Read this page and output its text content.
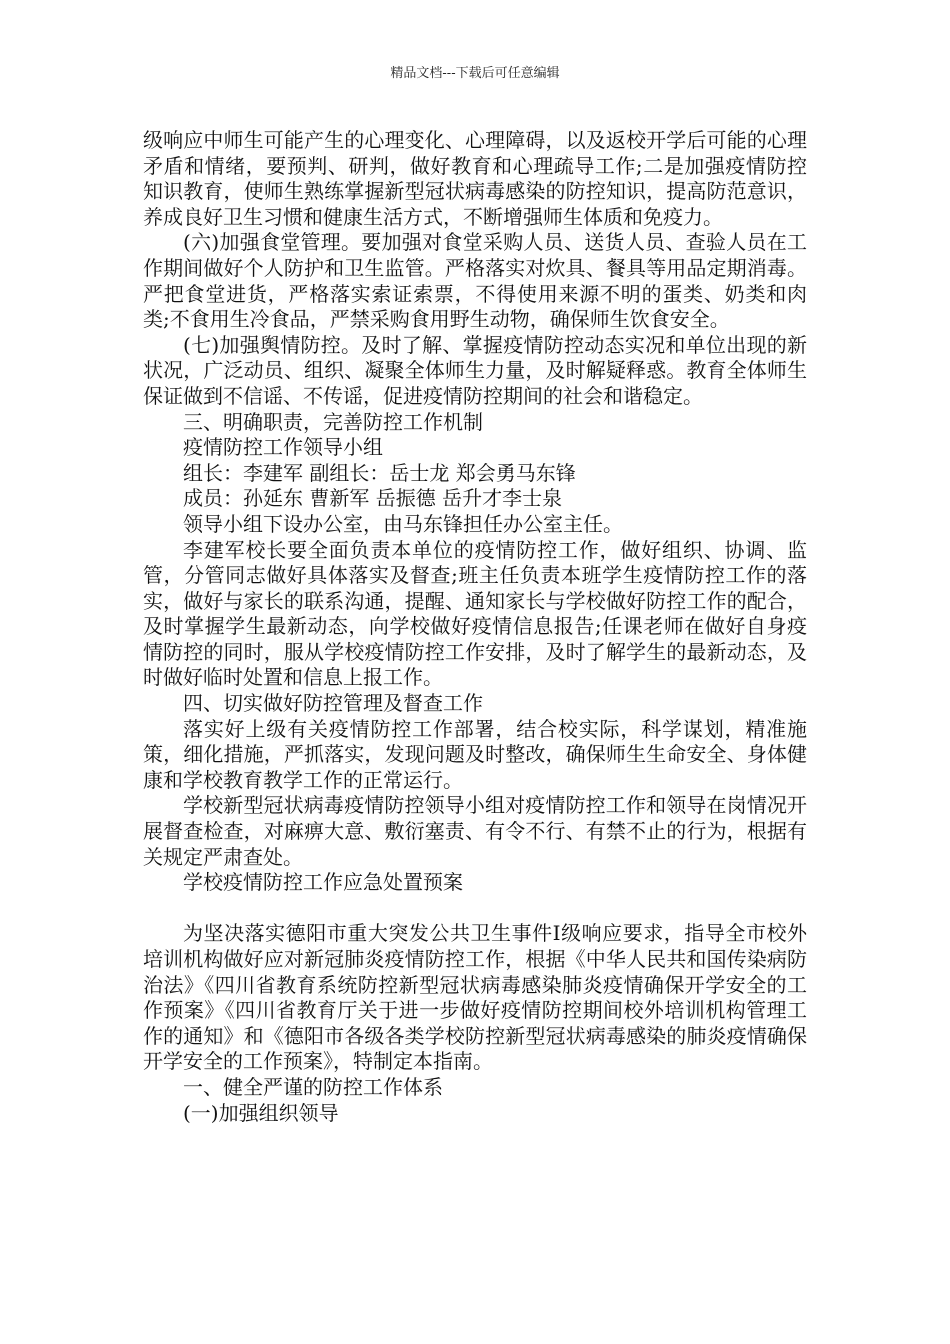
精品文档---下载后可任意编辑

级响应中师生可能产生的心理变化、心理障碍，以及返校开学后可能的心理矛盾和情绪，要预判、研判，做好教育和心理疏导工作;二是加强疫情防控知识教育，使师生熟练掌握新型冠状病毒感染的防控知识，提高防范意识，养成良好卫生习惯和健康生活方式，不断增强师生体质和免疫力。

(六)加强食堂管理。要加强对食堂采购人员、送货人员、查验人员在工作期间做好个人防护和卫生监管。严格落实对炊具、餐具等用品定期消毒。严把食堂进货，严格落实索证索票，不得使用来源不明的蛋类、奶类和肉类;不食用生冷食品，严禁采购食用野生动物，确保师生饮食安全。

(七)加强舆情防控。及时了解、掌握疫情防控动态实况和单位出现的新状况，广泛动员、组织、凝聚全体师生力量，及时解疑释惑。教育全体师生保证做到不信谣、不传谣，促进疫情防控期间的社会和谐稳定。

三、明确职责，完善防控工作机制

疫情防控工作领导小组

组长：李建军 副组长：岳士龙 郑会勇马东锋

成员：孙延东 曹新军 岳振德 岳升才李士泉

领导小组下设办公室，由马东锋担任办公室主任。

李建军校长要全面负责本单位的疫情防控工作，做好组织、协调、监管，分管同志做好具体落实及督查;班主任负责本班学生疫情防控工作的落实，做好与家长的联系沟通，提醒、通知家长与学校做好防控工作的配合，及时掌握学生最新动态，向学校做好疫情信息报告;任课老师在做好自身疫情防控的同时，服从学校疫情防控工作安排，及时了解学生的最新动态，及时做好临时处置和信息上报工作。

四、切实做好防控管理及督查工作

落实好上级有关疫情防控工作部署，结合校实际，科学谋划，精准施策，细化措施，严抓落实，发现问题及时整改，确保师生生命安全、身体健康和学校教育教学工作的正常运行。

学校新型冠状病毒疫情防控领导小组对疫情防控工作和领导在岗情况开展督查检查，对麻痹大意、敷衍塞责、有令不行、有禁不止的行为，根据有关规定严肃查处。

学校疫情防控工作应急处置预案

为坚决落实德阳市重大突发公共卫生事件Ⅰ级响应要求，指导全市校外培训机构做好应对新冠肺炎疫情防控工作，根据《中华人民共和国传染病防治法》《四川省教育系统防控新型冠状病毒感染肺炎疫情确保开学安全的工作预案》《四川省教育厅关于进一步做好疫情防控期间校外培训机构管理工作的通知》和《德阳市各级各类学校防控新型冠状病毒感染的肺炎疫情确保开学安全的工作预案》，特制定本指南。

一、健全严谨的防控工作体系

(一)加强组织领导
